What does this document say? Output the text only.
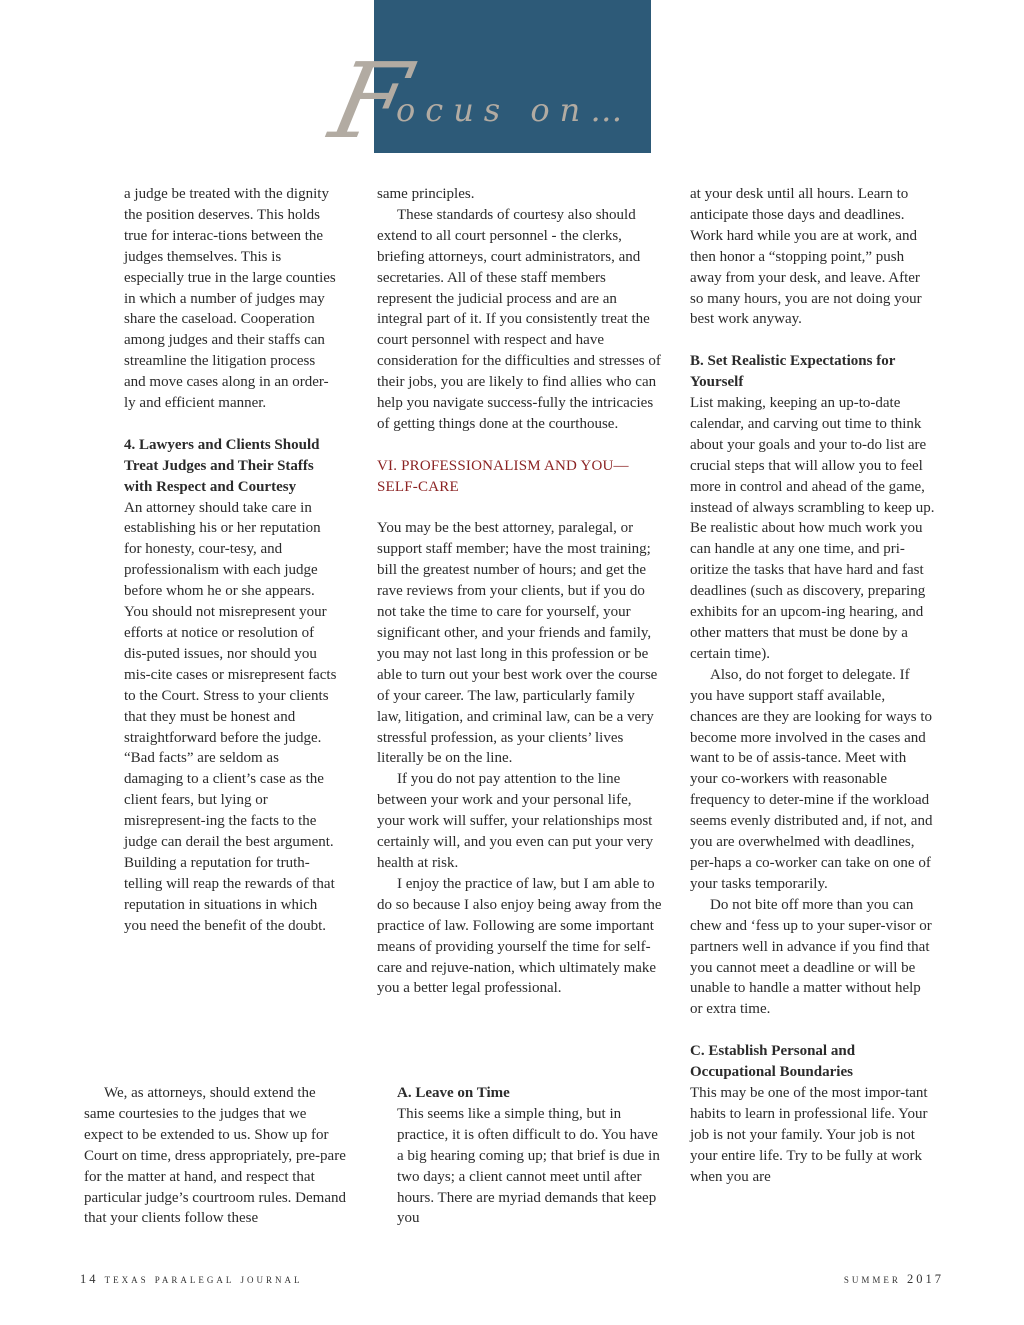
F
ocus on…

a judge be treated with the dignity the position deserves. This holds true for interac-tions between the judges themselves. This is especially true in the large counties in which a number of judges may share the caseload. Cooperation among judges and their staffs can streamline the litigation process and move cases along in an order-ly and efficient manner.

4. Lawyers and Clients Should Treat Judges and Their Staffs with Respect and Courtesy

An attorney should take care in establishing his or her reputation for honesty, cour-tesy, and professionalism with each judge before whom he or she appears. You should not misrepresent your efforts at notice or resolution of dis-puted issues, nor should you mis-cite cases or misrepresent facts to the Court. Stress to your clients that they must be honest and straightforward before the judge. “Bad facts” are seldom as damaging to a client’s case as the client fears, but lying or misrepresent-ing the facts to the judge can derail the best argument. Building a reputation for truth-telling will reap the rewards of that reputation in situations in which you need the benefit of the doubt.

We, as attorneys, should extend the same courtesies to the judges that we expect to be extended to us. Show up for Court on time, dress appropriately, pre-pare for the matter at hand, and respect that particular judge’s courtroom rules. Demand that your clients follow these

same principles.

These standards of courtesy also should extend to all court personnel - the clerks, briefing attorneys, court administrators, and secretaries. All of these staff members represent the judicial process and are an integral part of it. If you consistently treat the court personnel with respect and have consideration for the difficulties and stresses of their jobs, you are likely to find allies who can help you navigate success-fully the intricacies of getting things done at the courthouse.

VI. PROFESSIONALISM AND YOU— SELF-CARE

You may be the best attorney, paralegal, or support staff member; have the most training; bill the greatest number of hours; and get the rave reviews from your clients, but if you do not take the time to care for yourself, your significant other, and your friends and family, you may not last long in this profession or be able to turn out your best work over the course of your career. The law, particularly family law, litigation, and criminal law, can be a very stressful profession, as your clients’ lives literally be on the line.

If you do not pay attention to the line between your work and your personal life, your work will suffer, your relationships most certainly will, and you even can put your very health at risk.

I enjoy the practice of law, but I am able to do so because I also enjoy being away from the practice of law. Following are some important means of providing yourself the time for self-care and rejuve-nation, which ultimately make you a better legal professional.

A. Leave on Time

This seems like a simple thing, but in practice, it is often difficult to do. You have a big hearing coming up; that brief is due in two days; a client cannot meet until after hours. There are myriad demands that keep you

at your desk until all hours. Learn to anticipate those days and deadlines. Work hard while you are at work, and then honor a “stopping point,” push away from your desk, and leave. After so many hours, you are not doing your best work anyway.

B. Set Realistic Expectations for Yourself

List making, keeping an up-to-date calendar, and carving out time to think about your goals and your to-do list are crucial steps that will allow you to feel more in control and ahead of the game, instead of always scrambling to keep up. Be realistic about how much work you can handle at any one time, and pri-oritize the tasks that have hard and fast deadlines (such as discovery, preparing exhibits for an upcom-ing hearing, and other matters that must be done by a certain time).

Also, do not forget to delegate. If you have support staff available, chances are they are looking for ways to become more involved in the cases and want to be of assis-tance. Meet with your co-workers with reasonable frequency to deter-mine if the workload seems evenly distributed and, if not, and you are overwhelmed with deadlines, per-haps a co-worker can take on one of your tasks temporarily.

Do not bite off more than you can chew and ‘fess up to your super-visor or partners well in advance if you find that you cannot meet a deadline or will be unable to handle a matter without help or extra time.

C. Establish Personal and Occupational Boundaries

This may be one of the most impor-tant habits to learn in professional life. Your job is not your family. Your job is not your entire life. Try to be fully at work when you are

14 texas paralegal journal	summer 2017
